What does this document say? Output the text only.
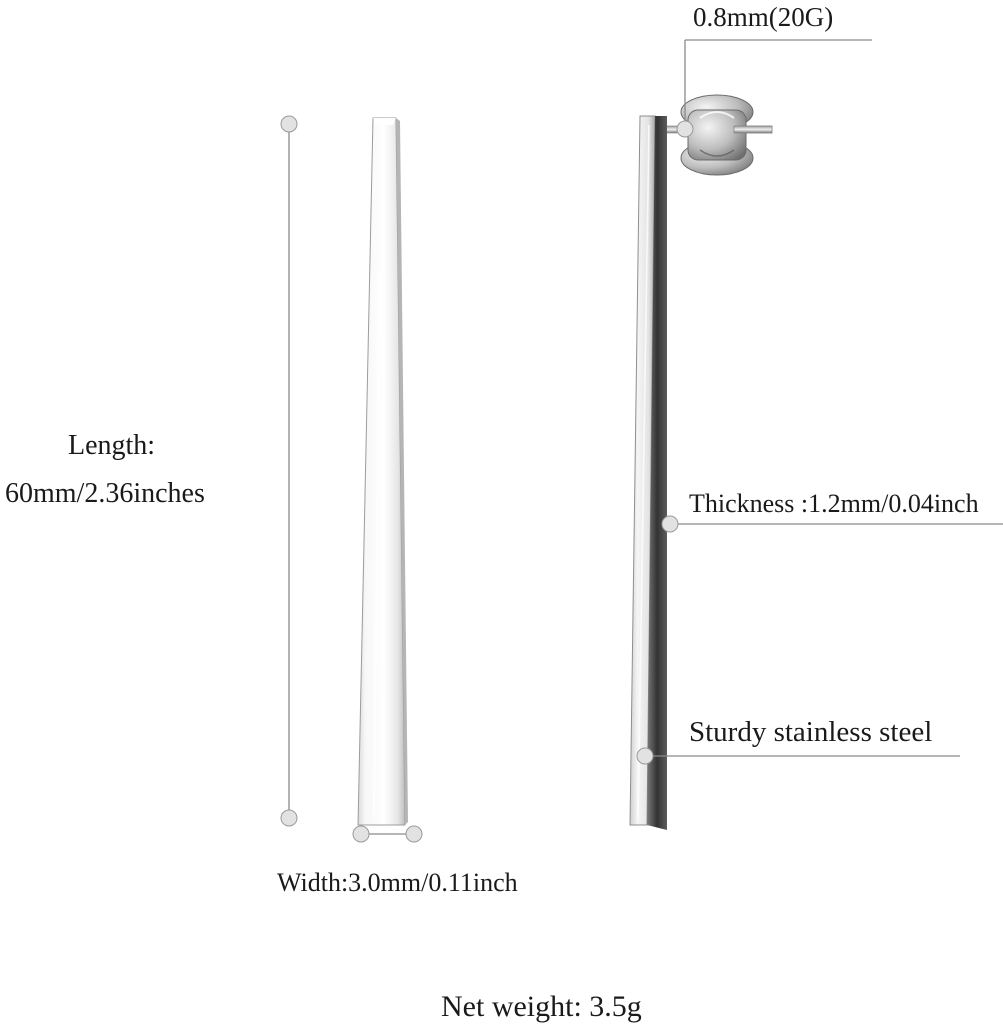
0.8mm(20G)
Length:
60mm/2.36inches	Thickness :1.2mm/0.04inch
Sturdy stainless steel
Width:3.0mm/0.11inch
Net weight: 3.5g
